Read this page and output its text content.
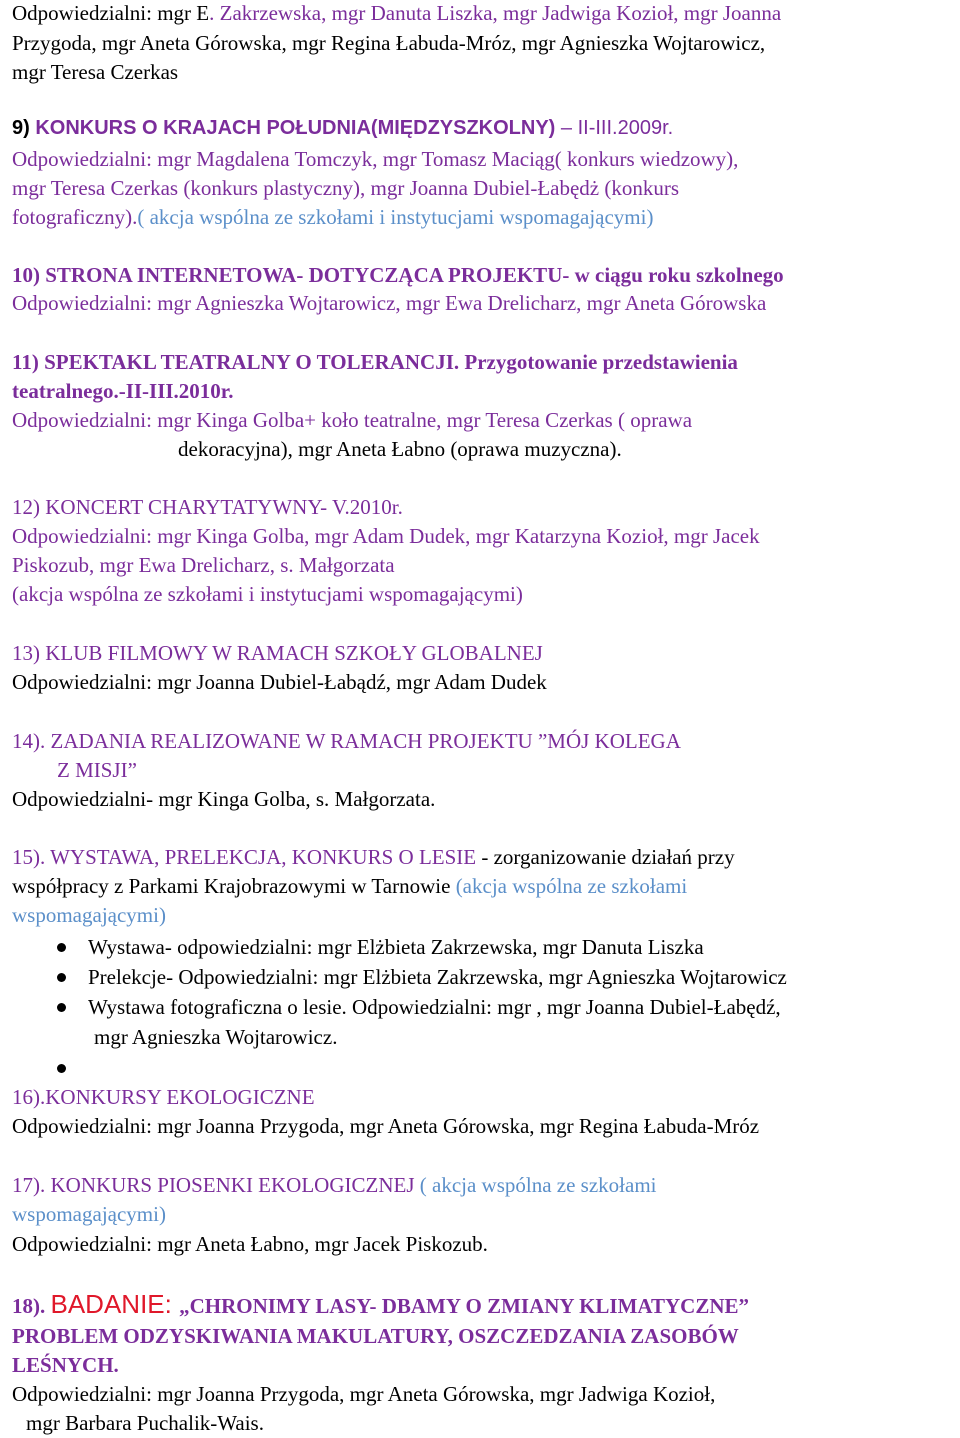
Odpowiedzialni: mgr E. Zakrzewska, mgr Danuta Liszka, mgr Jadwiga Kozioł, mgr Joanna
Przygoda, mgr Aneta Górowska, mgr Regina Łabuda-Mróz, mgr Agnieszka Wojtarowicz,
mgr Teresa Czerkas
9) KONKURS O KRAJACH POŁUDNIA(MIĘDZYSZKOLNY) – II-III.2009r.
Odpowiedzialni: mgr Magdalena Tomczyk, mgr Tomasz Maciąg( konkurs wiedzowy),
mgr Teresa Czerkas (konkurs plastyczny), mgr Joanna Dubiel-Łabędż (konkurs
fotograficzny).( akcja wspólna ze szkołami i instytucjami wspomagającymi)
10) STRONA INTERNETOWA- DOTYCZĄCA PROJEKTU- w ciągu roku szkolnego
Odpowiedzialni: mgr Agnieszka Wojtarowicz, mgr Ewa Drelicharz, mgr Aneta Górowska
11) SPEKTAKL TEATRALNY O TOLERANCJI. Przygotowanie przedstawienia
teatralnego.-II-III.2010r.
Odpowiedzialni: mgr Kinga Golba+ koło teatralne, mgr Teresa Czerkas ( oprawa
dekoracyjna), mgr Aneta Łabno (oprawa muzyczna).
12) KONCERT CHARYTATYWNY- V.2010r.
Odpowiedzialni: mgr Kinga Golba, mgr Adam Dudek, mgr Katarzyna Kozioł, mgr Jacek
Piskozub, mgr Ewa Drelicharz, s. Małgorzata
(akcja wspólna ze szkołami i instytucjami wspomagającymi)
13) KLUB FILMOWY W RAMACH SZKOŁY GLOBALNEJ
Odpowiedzialni: mgr Joanna Dubiel-Łabądź, mgr Adam Dudek
14). ZADANIA REALIZOWANE W RAMACH PROJEKTU ”MÓJ KOLEGA
Z MISJI”
Odpowiedzialni- mgr Kinga Golba, s. Małgorzata.
15). WYSTAWA, PRELEKCJA, KONKURS O LESIE - zorganizowanie działań przy
współpracy z Parkami Krajobrazowymi w Tarnowie (akcja wspólna ze szkołami
wspomagającymi)
Wystawa- odpowiedzialni: mgr Elżbieta Zakrzewska, mgr Danuta Liszka
Prelekcje- Odpowiedzialni: mgr Elżbieta Zakrzewska, mgr Agnieszka Wojtarowicz
Wystawa fotograficzna o lesie. Odpowiedzialni: mgr , mgr Joanna Dubiel-Łabędź,
mgr Agnieszka Wojtarowicz.
16).KONKURSY EKOLOGICZNE
Odpowiedzialni: mgr Joanna Przygoda, mgr Aneta Górowska, mgr Regina Łabuda-Mróz
17). KONKURS PIOSENKI EKOLOGICZNEJ ( akcja wspólna ze szkołami
wspomagającymi)
Odpowiedzialni: mgr Aneta Łabno, mgr Jacek Piskozub.
18). BADANIE: „CHRONIMY LASY- DBAMY O ZMIANY KLIMATYCZNE”
PROBLEM ODZYSKIWANIA MAKULATURY, OSZCZEDZANIA ZASOBÓW
LEŚNYCH.
Odpowiedzialni: mgr Joanna Przygoda, mgr Aneta Górowska, mgr Jadwiga Kozioł,
mgr Barbara Puchalik-Wais.
